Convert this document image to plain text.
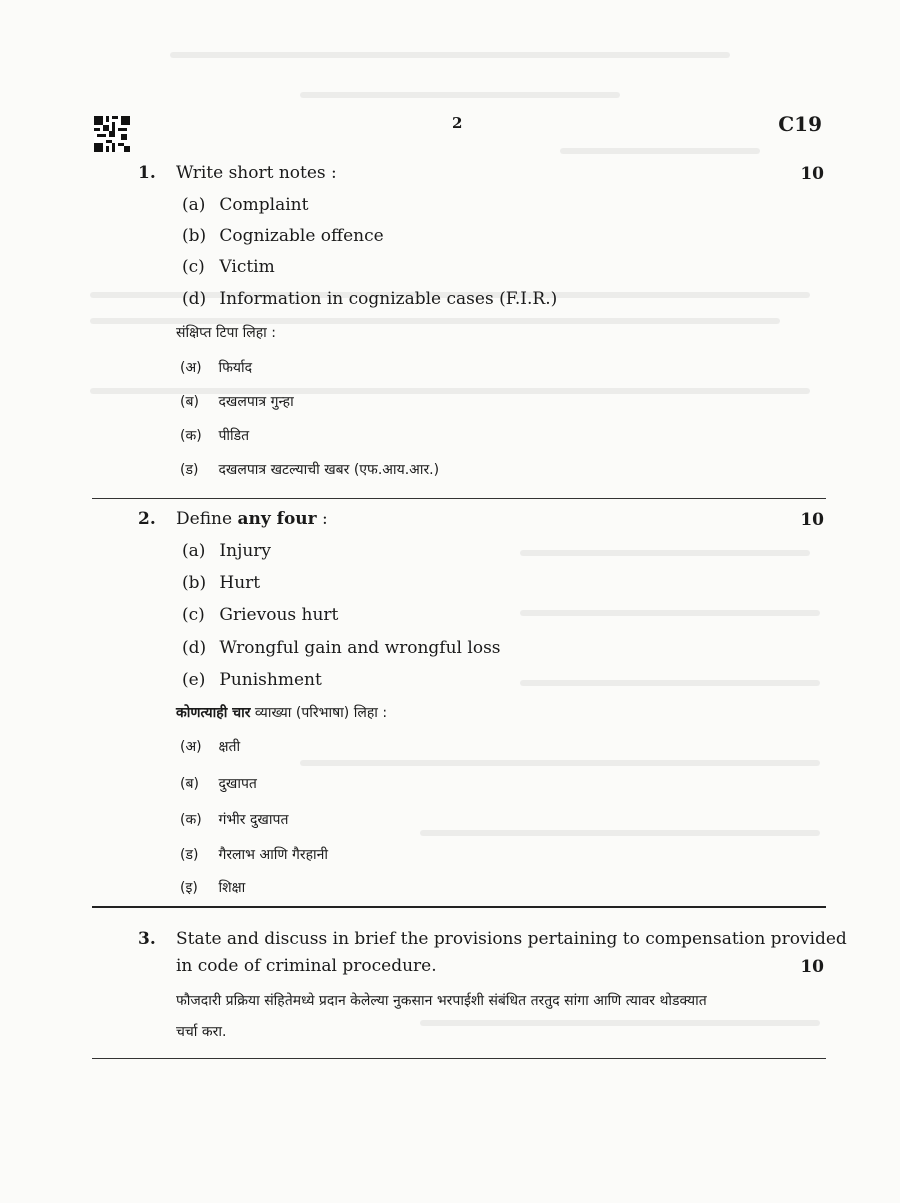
2	C19
1. Write short notes :	10
(a) Complaint
(b) Cognizable offence
(c) Victim
(d) Information in cognizable cases (F.I.R.)
संक्षिप्त टिपा लिहा :
(अ) फिर्याद
(ब) दखलपात्र गुन्हा
(क) पीडित
(ड) दखलपात्र खटल्याची खबर (एफ.आय.आर.)
2. Define any four :	10
(a) Injury
(b) Hurt
(c) Grievous hurt
(d) Wrongful gain and wrongful loss
(e) Punishment
कोणत्याही चार व्याख्या (परिभाषा) लिहा :
(अ) क्षती
(ब) दुखापत
(क) गंभीर दुखापत
(ड) गैरलाभ आणि गैरहानी
(इ) शिक्षा
3. State and discuss in brief the provisions pertaining to compensation provided
in code of criminal procedure.	10
फौजदारी प्रक्रिया संहितेमध्ये प्रदान केलेल्या नुकसान भरपाईशी संबंधित तरतुद सांगा आणि त्यावर थोडक्यात
चर्चा करा.
